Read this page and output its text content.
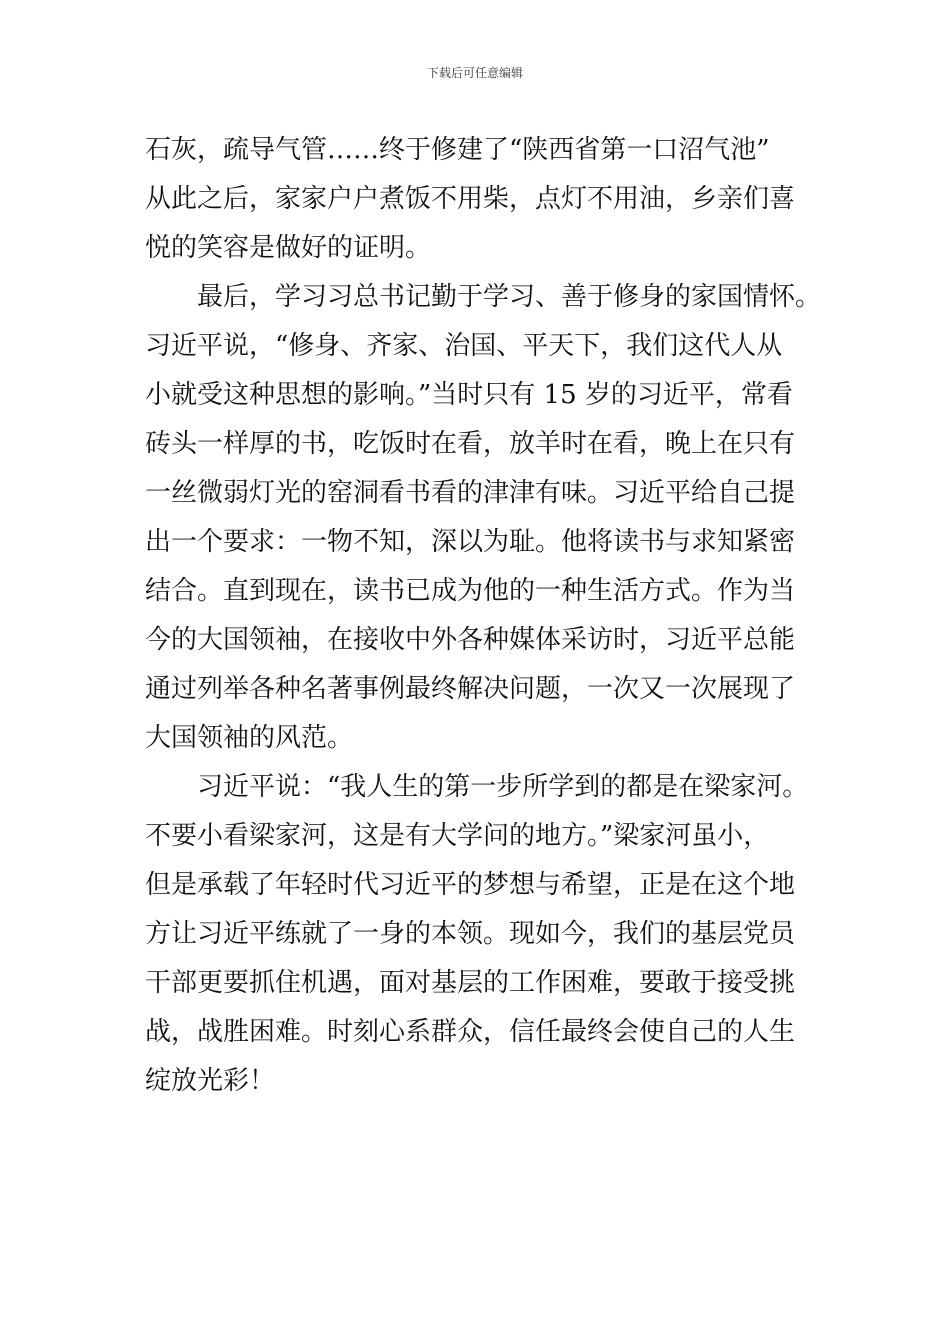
下载后可任意编辑
石灰，疏导气管……终于修建了“陕西省第一口沼气池”
从此之后，家家户户煮饭不用柴，点灯不用油，乡亲们喜
悦的笑容是做好的证明。
最后，学习习总书记勤于学习、善于修身的家国情怀。
习近平说，“修身、齐家、治国、平天下，我们这代人从
小就受这种思想的影响。”当时只有 15 岁的习近平，常看
砖头一样厚的书，吃饭时在看，放羊时在看，晚上在只有
一丝微弱灯光的窑洞看书看的津津有味。习近平给自己提
出一个要求：一物不知，深以为耻。他将读书与求知紧密
结合。直到现在，读书已成为他的一种生活方式。作为当
今的大国领袖，在接收中外各种媒体采访时，习近平总能
通过列举各种名著事例最终解决问题，一次又一次展现了
大国领袖的风范。
习近平说：“我人生的第一步所学到的都是在梁家河。
不要小看梁家河，这是有大学问的地方。”梁家河虽小，
但是承载了年轻时代习近平的梦想与希望，正是在这个地
方让习近平练就了一身的本领。现如今，我们的基层党员
干部更要抓住机遇，面对基层的工作困难，要敢于接受挑
战，战胜困难。时刻心系群众，信任最终会使自己的人生
绽放光彩！
